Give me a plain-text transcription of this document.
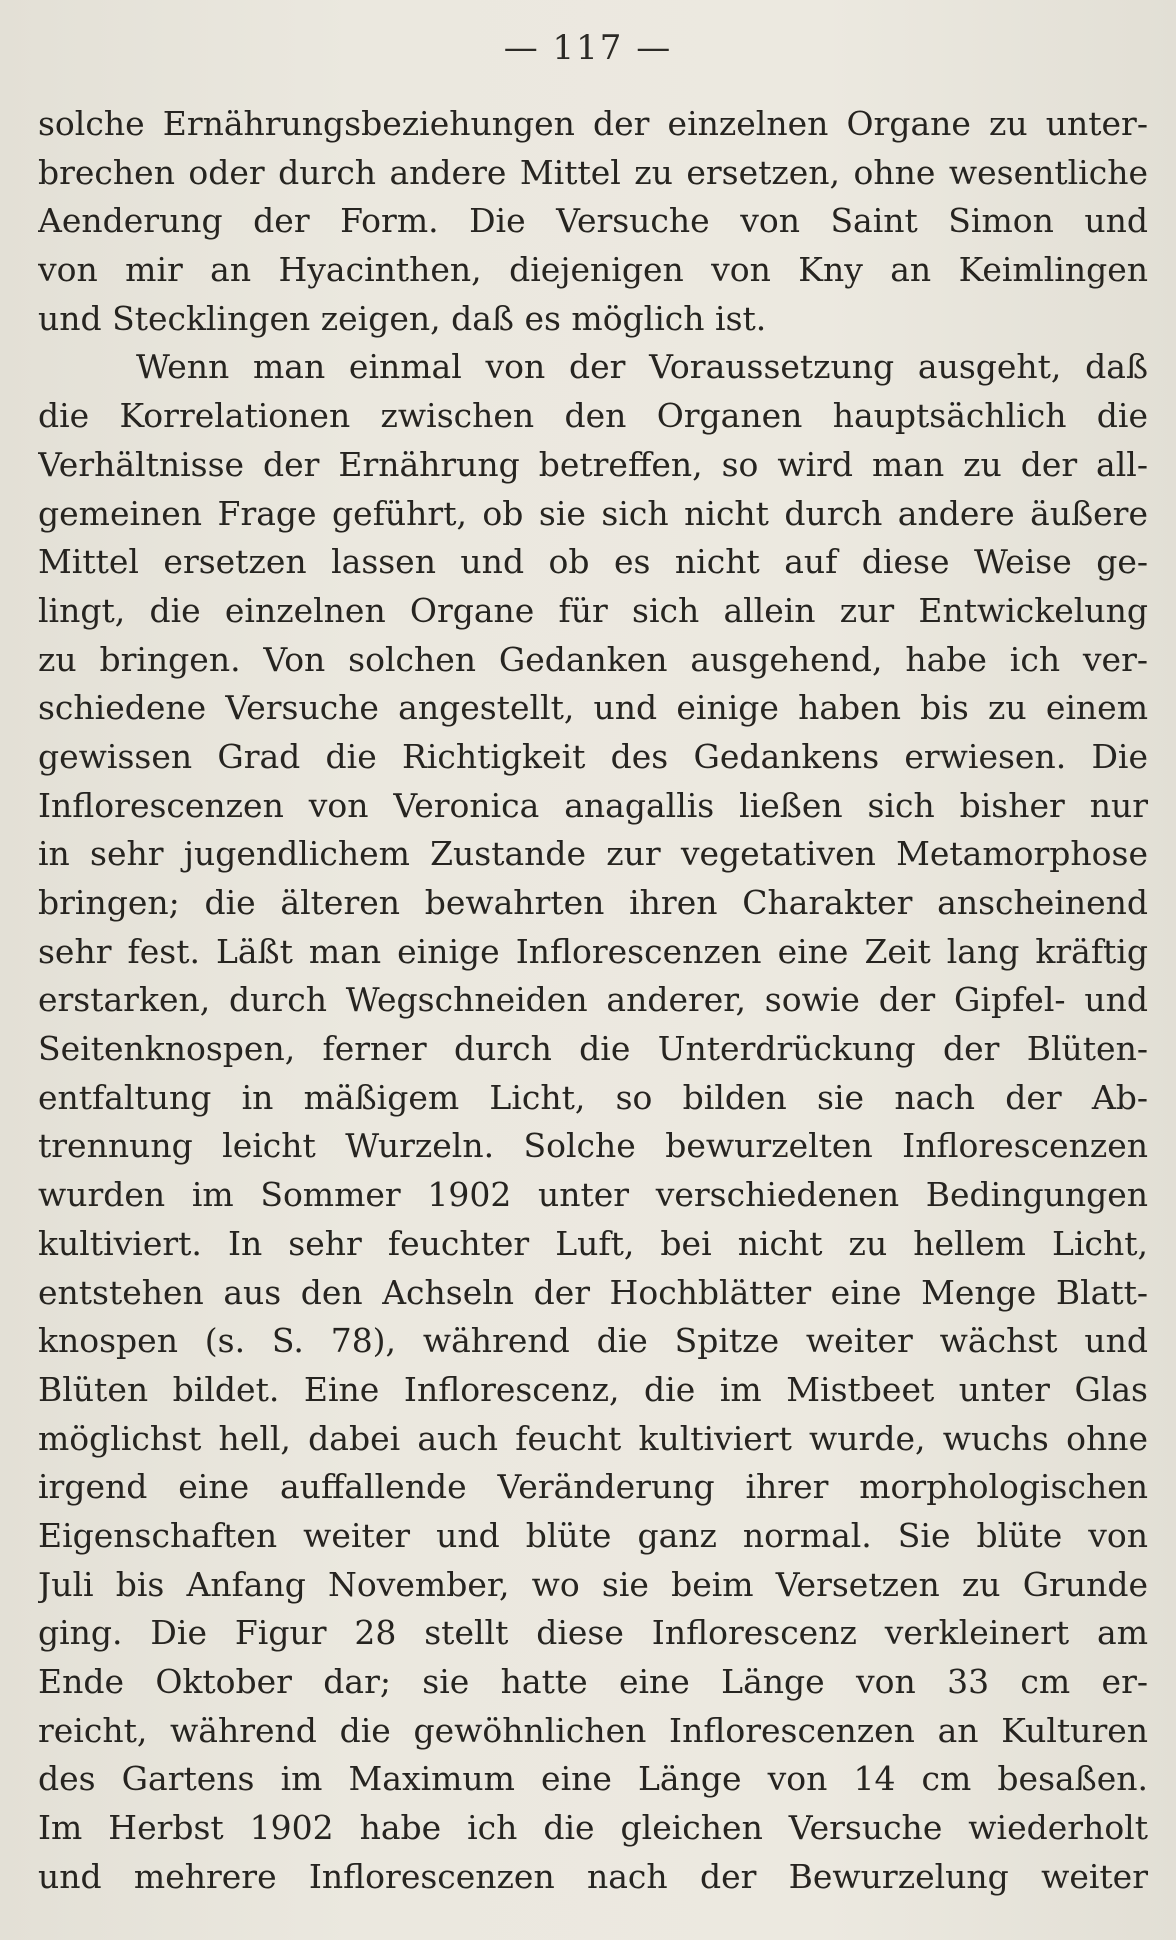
— 117 —
solche Ernährungsbeziehungen der einzelnen Organe zu unter-
brechen oder durch andere Mittel zu ersetzen, ohne wesentliche
Aenderung der Form. Die Versuche von Saint Simon und
von mir an Hyacinthen, diejenigen von Kny an Keimlingen
und Stecklingen zeigen, daß es möglich ist.
Wenn man einmal von der Voraussetzung ausgeht, daß
die Korrelationen zwischen den Organen hauptsächlich die
Verhältnisse der Ernährung betreffen, so wird man zu der all-
gemeinen Frage geführt, ob sie sich nicht durch andere äußere
Mittel ersetzen lassen und ob es nicht auf diese Weise ge-
lingt, die einzelnen Organe für sich allein zur Entwickelung
zu bringen. Von solchen Gedanken ausgehend, habe ich ver-
schiedene Versuche angestellt, und einige haben bis zu einem
gewissen Grad die Richtigkeit des Gedankens erwiesen. Die
Inflorescenzen von Veronica anagallis ließen sich bisher nur
in sehr jugendlichem Zustande zur vegetativen Metamorphose
bringen; die älteren bewahrten ihren Charakter anscheinend
sehr fest. Läßt man einige Inflorescenzen eine Zeit lang kräftig
erstarken, durch Wegschneiden anderer, sowie der Gipfel- und
Seitenknospen, ferner durch die Unterdrückung der Blüten-
entfaltung in mäßigem Licht, so bilden sie nach der Ab-
trennung leicht Wurzeln. Solche bewurzelten Inflorescenzen
wurden im Sommer 1902 unter verschiedenen Bedingungen
kultiviert. In sehr feuchter Luft, bei nicht zu hellem Licht,
entstehen aus den Achseln der Hochblätter eine Menge Blatt-
knospen (s. S. 78), während die Spitze weiter wächst und
Blüten bildet. Eine Inflorescenz, die im Mistbeet unter Glas
möglichst hell, dabei auch feucht kultiviert wurde, wuchs ohne
irgend eine auffallende Veränderung ihrer morphologischen
Eigenschaften weiter und blüte ganz normal. Sie blüte von
Juli bis Anfang November, wo sie beim Versetzen zu Grunde
ging. Die Figur 28 stellt diese Inflorescenz verkleinert am
Ende Oktober dar; sie hatte eine Länge von 33 cm er-
reicht, während die gewöhnlichen Inflorescenzen an Kulturen
des Gartens im Maximum eine Länge von 14 cm besaßen.
Im Herbst 1902 habe ich die gleichen Versuche wiederholt
und mehrere Inflorescenzen nach der Bewurzelung weiter
